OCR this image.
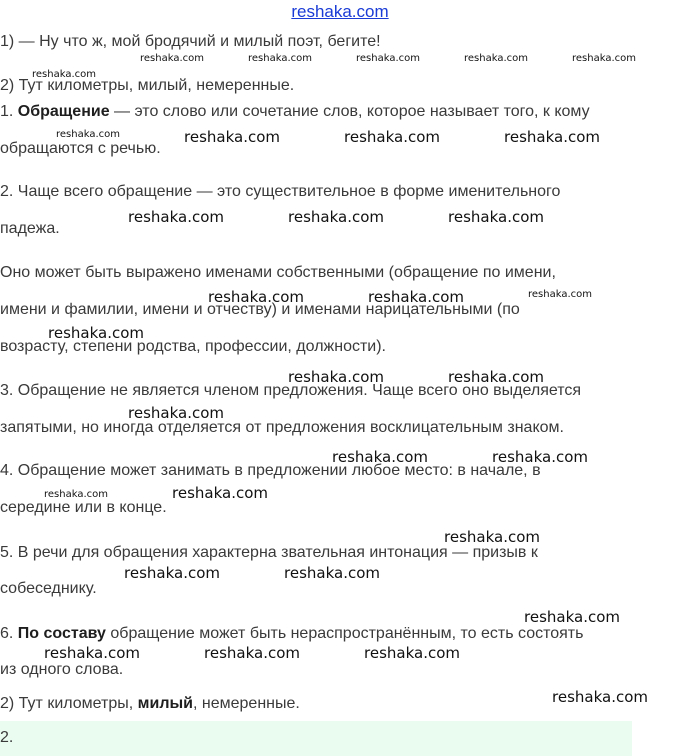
reshaka.com

1) — Ну что ж, мой бродячий и милый поэт, бегите!

2) Тут километры, милый, немеренные.

1. Обращение — это слово или сочетание слов, которое называет того, к кому

обращаются с речью.

2. Чаще всего обращение — это существительное в форме именительного

падежа.

Оно может быть выражено именами собственными (обращение по имени,

имени и фамилии, имени и отчеству) и именами нарицательными (по

возрасту, степени родства, профессии, должности).

3. Обращение не является членом предложения. Чаще всего оно выделяется

запятыми, но иногда отделяется от предложения восклицательным знаком.

4. Обращение может занимать в предложении любое место: в начале, в

середине или в конце.

5. В речи для обращения характерна звательная интонация — призыв к

собеседнику.

6. По составу обращение может быть нераспространённым, то есть состоять

из одного слова.

2) Тут километры, милый, немеренные.

2.
reshaka.com	reshaka.com	reshaka.com	reshaka.com	reshaka.com
reshaka.com
reshaka.com	reshaka.com	reshaka.com	reshaka.com
reshaka.com	reshaka.com	reshaka.com
reshaka.com	reshaka.com	reshaka.com
reshaka.com
reshaka.com	reshaka.com
reshaka.com
reshaka.com	reshaka.com
reshaka.com	reshaka.com
reshaka.com
reshaka.com	reshaka.com
reshaka.com
reshaka.com	reshaka.com	reshaka.com
reshaka.com
